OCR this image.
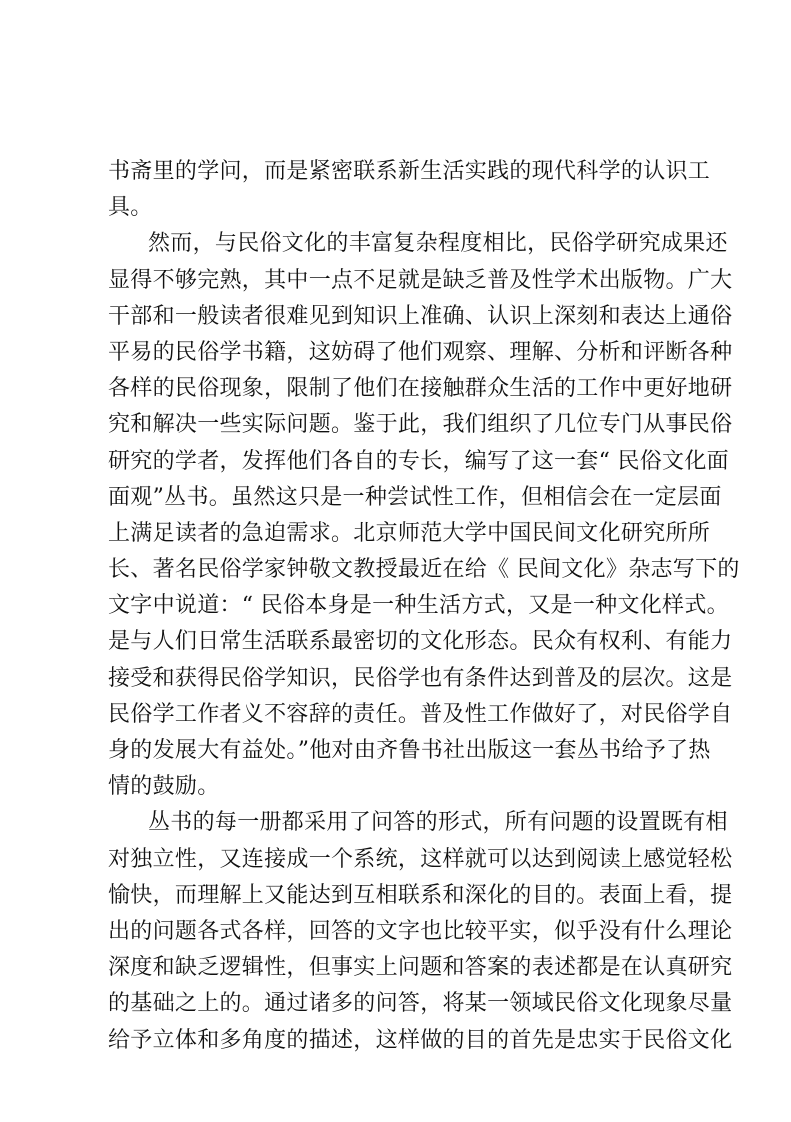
书斋里的学问，而是紧密联系新生活实践的现代科学的认识工
具。
然而，与民俗文化的丰富复杂程度相比，民俗学研究成果还
显得不够完熟，其中一点不足就是缺乏普及性学术出版物。广大
干部和一般读者很难见到知识上准确、认识上深刻和表达上通俗
平易的民俗学书籍，这妨碍了他们观察、理解、分析和评断各种
各样的民俗现象，限制了他们在接触群众生活的工作中更好地研
究和解决一些实际问题。鉴于此，我们组织了几位专门从事民俗
研究的学者，发挥他们各自的专长，编写了这一套“ 民俗文化面
面观”丛书。虽然这只是一种尝试性工作，但相信会在一定层面
上满足读者的急迫需求。北京师范大学中国民间文化研究所所
长、著名民俗学家钟敬文教授最近在给《 民间文化》杂志写下的
文字中说道：“ 民俗本身是一种生活方式，又是一种文化样式。
是与人们日常生活联系最密切的文化形态。民众有权利、有能力
接受和获得民俗学知识，民俗学也有条件达到普及的层次。这是
民俗学工作者义不容辞的责任。普及性工作做好了，对民俗学自
身的发展大有益处。”他对由齐鲁书社出版这一套丛书给予了热
情的鼓励。
丛书的每一册都采用了问答的形式，所有问题的设置既有相
对独立性，又连接成一个系统，这样就可以达到阅读上感觉轻松
愉快，而理解上又能达到互相联系和深化的目的。表面上看，提
出的问题各式各样，回答的文字也比较平实，似乎没有什么理论
深度和缺乏逻辑性，但事实上问题和答案的表述都是在认真研究
的基础之上的。通过诸多的问答，将某一领域民俗文化现象尽量
给予立体和多角度的描述，这样做的目的首先是忠实于民俗文化
